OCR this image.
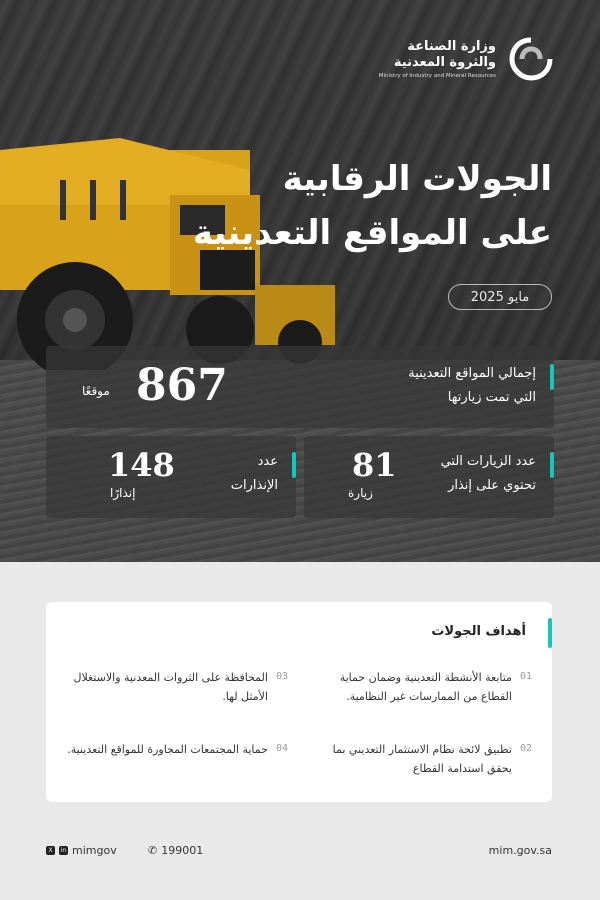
وزارة الصناعة
والثروة المعدنية
Ministry of Industry and Mineral Resources
الجولات الرقابية
على المواقع التعدينية
مايو 2025
إجمالي المواقع التعدينية
التي تمت زيارتها
867
موقعًا
عدد الزيارات التي
تحتوي على إنذار
81
زيارة
عدد
الإنذارات
148
إنذارًا
أهداف الجولات
01
متابعة الأنشطة التعدينية وضمان حماية القطاع من الممارسات غير النظامية.
03
المحافظة على الثروات المعدنية والاستغلال الأمثل لها.
02
تطبيق لائحة نظام الاستثمار التعديني بما يحقق استدامة القطاع
04
حماية المجتمعات المجاورة للمواقع التعدينية.
X	in mimgov	✆ 199001	mim.gov.sa
